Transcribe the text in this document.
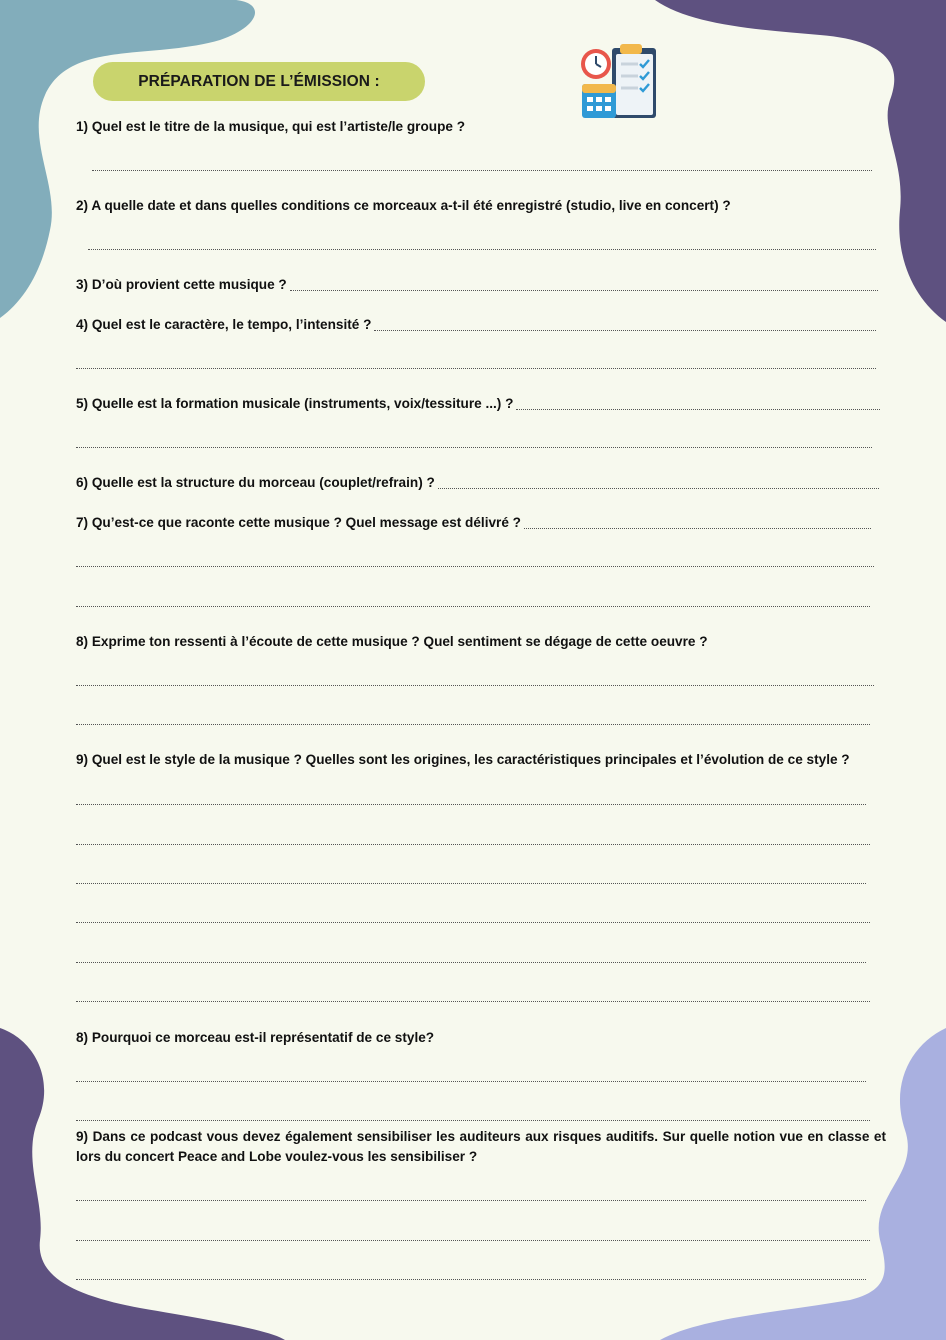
PRÉPARATION DE L’ÉMISSION :
1) Quel est le titre de la musique, qui est l’artiste/le groupe ?
2) A quelle date et dans quelles conditions ce morceaux a-t-il été enregistré (studio, live en concert) ?
3) D’où provient cette musique ?
4) Quel est le caractère, le tempo, l’intensité ?
5) Quelle est la formation musicale (instruments, voix/tessiture ...) ?
6) Quelle est la structure du morceau (couplet/refrain) ?
7) Qu’est-ce que raconte cette musique ? Quel message est délivré ?
8) Exprime ton ressenti à l’écoute de cette musique ? Quel sentiment se dégage de cette oeuvre ?
9) Quel est le style de la musique ? Quelles sont les origines, les caractéristiques principales et l’évolution de ce style ?
8) Pourquoi ce morceau est-il représentatif de ce style?
9) Dans ce podcast vous devez également sensibiliser les auditeurs aux risques auditifs. Sur quelle notion vue en classe et lors du concert Peace and Lobe voulez-vous les sensibiliser ?
